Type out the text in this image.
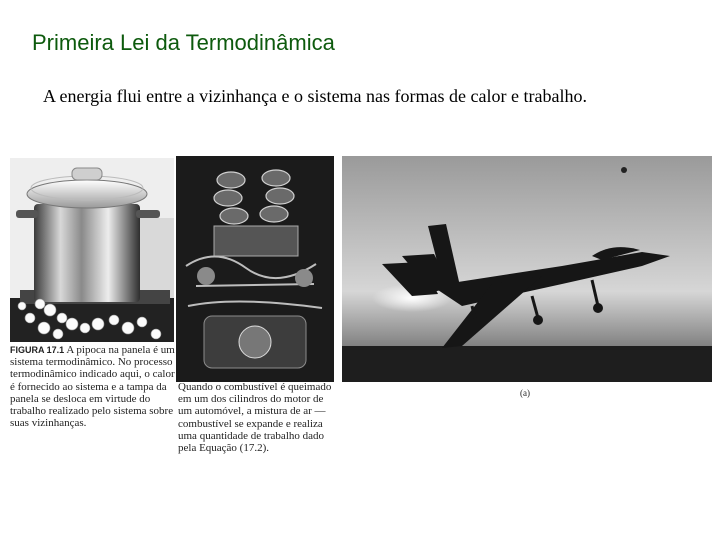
Primeira Lei da Termodinâmica
A energia flui entre a vizinhança e o sistema nas formas de calor e trabalho.
FIGURA 17.1 A pipoca na panela é um sistema termodinâmico. No processo termodinâmico indicado aqui, o calor é fornecido ao sistema e a tampa da panela se desloca em virtude do trabalho realizado pelo sistema sobre suas vizinhanças.
Quando o combustível é queimado em um dos cilindros do motor de um automóvel, a mistura de ar — combustível se expande e realiza uma quantidade de trabalho dado pela Equação (17.2).
(a)
